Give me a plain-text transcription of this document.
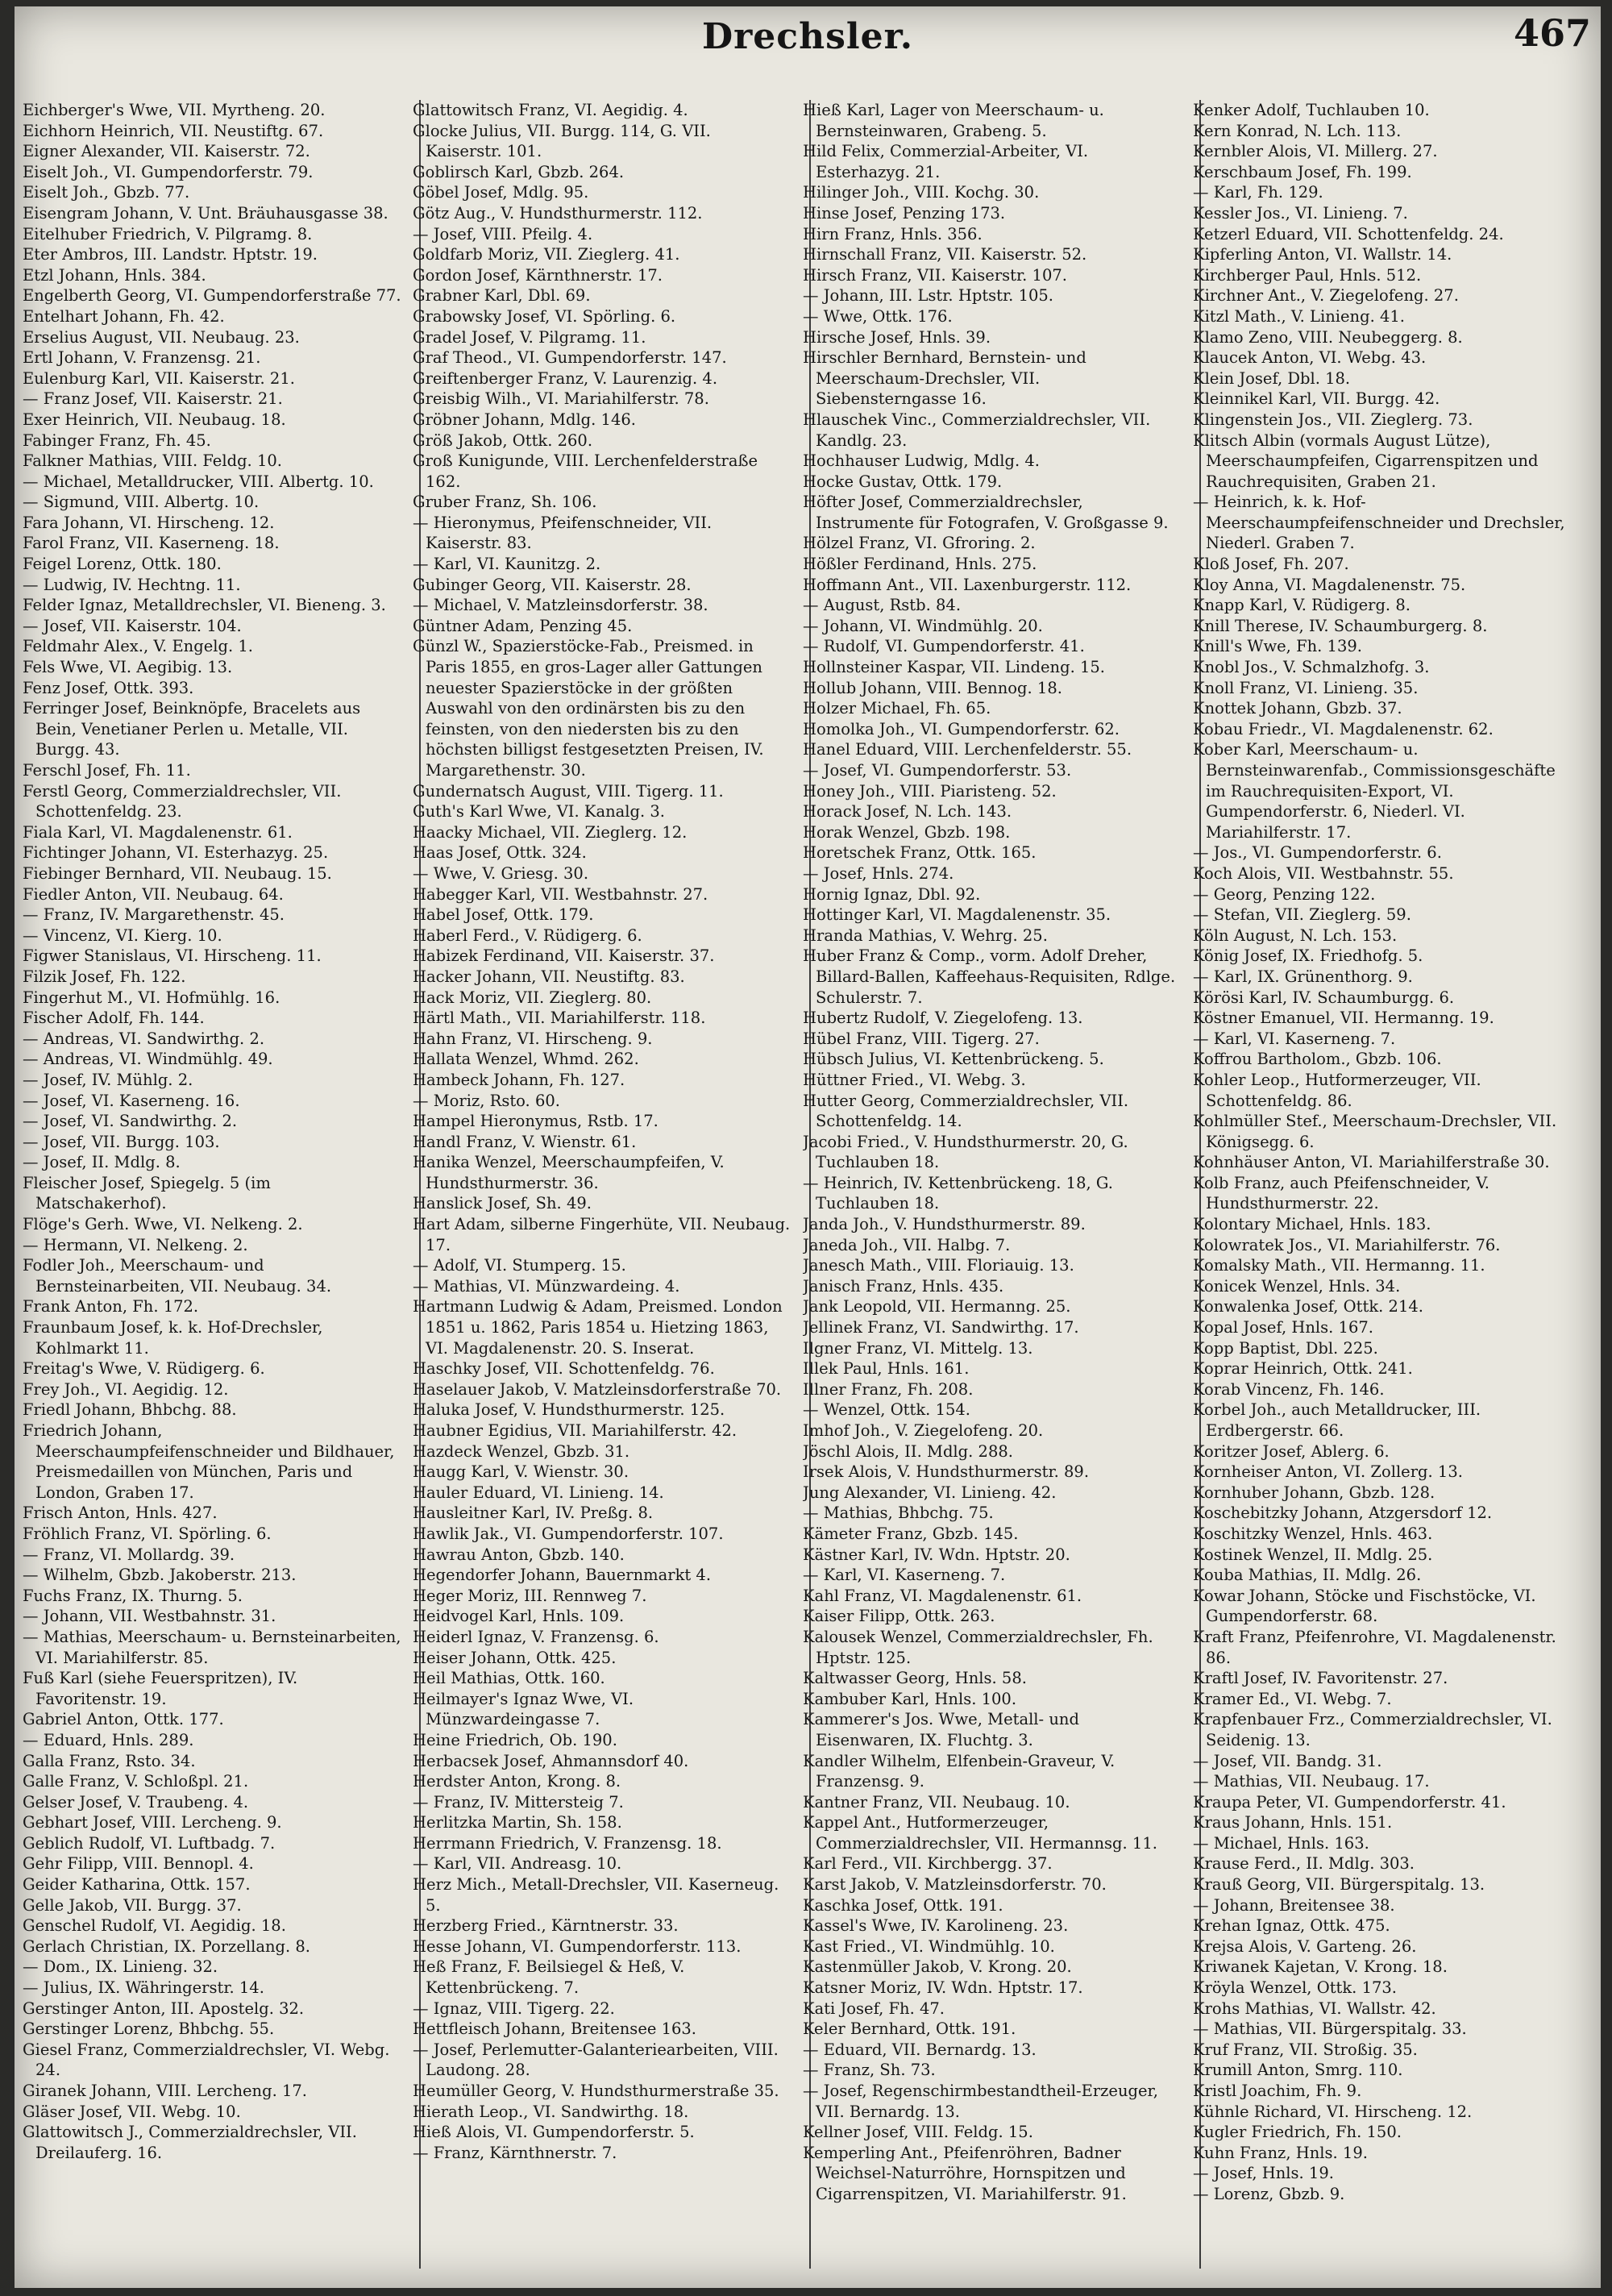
Drechsler.	467

Eichberger's Wwe, VII. Myrtheng. 20.

Eichhorn Heinrich, VII. Neustiftg. 67.

Eigner Alexander, VII. Kaiserstr. 72.

Eiselt Joh., VI. Gumpendorferstr. 79.

Eiselt Joh., Gbzb. 77.

Eisengram Johann, V. Unt. Bräuhausgasse 38.

Eitelhuber Friedrich, V. Pilgramg. 8.

Eter Ambros, III. Landstr. Hptstr. 19.

Etzl Johann, Hnls. 384.

Engelberth Georg, VI. Gumpendorferstraße 77.

Entelhart Johann, Fh. 42.

Erselius August, VII. Neubaug. 23.

Ertl Johann, V. Franzensg. 21.

Eulenburg Karl, VII. Kaiserstr. 21.

— Franz Josef, VII. Kaiserstr. 21.

Exer Heinrich, VII. Neubaug. 18.

Fabinger Franz, Fh. 45.

Falkner Mathias, VIII. Feldg. 10.

— Michael, Metalldrucker, VIII. Albertg. 10.

— Sigmund, VIII. Albertg. 10.

Fara Johann, VI. Hirscheng. 12.

Farol Franz, VII. Kaserneng. 18.

Feigel Lorenz, Ottk. 180.

— Ludwig, IV. Hechtng. 11.

Felder Ignaz, Metalldrechsler, VI. Bieneng. 3.

— Josef, VII. Kaiserstr. 104.

Feldmahr Alex., V. Engelg. 1.

Fels Wwe, VI. Aegibig. 13.

Fenz Josef, Ottk. 393.

Ferringer Josef, Beinknöpfe, Bracelets aus Bein, Venetianer Perlen u. Metalle, VII. Burgg. 43.

Ferschl Josef, Fh. 11.

Ferstl Georg, Commerzialdrechsler, VII. Schottenfeldg. 23.

Fiala Karl, VI. Magdalenenstr. 61.

Fichtinger Johann, VI. Esterhazyg. 25.

Fiebinger Bernhard, VII. Neubaug. 15.

Fiedler Anton, VII. Neubaug. 64.

— Franz, IV. Margarethenstr. 45.

— Vincenz, VI. Kierg. 10.

Figwer Stanislaus, VI. Hirscheng. 11.

Filzik Josef, Fh. 122.

Fingerhut M., VI. Hofmühlg. 16.

Fischer Adolf, Fh. 144.

— Andreas, VI. Sandwirthg. 2.

— Andreas, VI. Windmühlg. 49.

— Josef, IV. Mühlg. 2.

— Josef, VI. Kaserneng. 16.

— Josef, VI. Sandwirthg. 2.

— Josef, VII. Burgg. 103.

— Josef, II. Mdlg. 8.

Fleischer Josef, Spiegelg. 5 (im Matschakerhof).

Flöge's Gerh. Wwe, VI. Nelkeng. 2.

— Hermann, VI. Nelkeng. 2.

Fodler Joh., Meerschaum- und Bernsteinarbeiten, VII. Neubaug. 34.

Frank Anton, Fh. 172.

Fraunbaum Josef, k. k. Hof-Drechsler, Kohlmarkt 11.

Freitag's Wwe, V. Rüdigerg. 6.

Frey Joh., VI. Aegidig. 12.

Friedl Johann, Bhbchg. 88.

Friedrich Johann, Meerschaumpfeifenschneider und Bildhauer, Preismedaillen von München, Paris und London, Graben 17.

Frisch Anton, Hnls. 427.

Fröhlich Franz, VI. Spörling. 6.

— Franz, VI. Mollardg. 39.

— Wilhelm, Gbzb. Jakoberstr. 213.

Fuchs Franz, IX. Thurng. 5.

— Johann, VII. Westbahnstr. 31.

— Mathias, Meerschaum- u. Bernsteinarbeiten, VI. Mariahilferstr. 85.

Fuß Karl (siehe Feuerspritzen), IV. Favoritenstr. 19.

Gabriel Anton, Ottk. 177.

— Eduard, Hnls. 289.

Galla Franz, Rsto. 34.

Galle Franz, V. Schloßpl. 21.

Gelser Josef, V. Traubeng. 4.

Gebhart Josef, VIII. Lercheng. 9.

Geblich Rudolf, VI. Luftbadg. 7.

Gehr Filipp, VIII. Bennopl. 4.

Geider Katharina, Ottk. 157.

Gelle Jakob, VII. Burgg. 37.

Genschel Rudolf, VI. Aegidig. 18.

Gerlach Christian, IX. Porzellang. 8.

— Dom., IX. Linieng. 32.

— Julius, IX. Währingerstr. 14.

Gerstinger Anton, III. Apostelg. 32.

Gerstinger Lorenz, Bhbchg. 55.

Giesel Franz, Commerzialdrechsler, VI. Webg. 24.

Giranek Johann, VIII. Lercheng. 17.

Gläser Josef, VII. Webg. 10.

Glattowitsch J., Commerzialdrechsler, VII. Dreilauferg. 16.

Glattowitsch Franz, VI. Aegidig. 4.

Glocke Julius, VII. Burgg. 114, G. VII. Kaiserstr. 101.

Goblirsch Karl, Gbzb. 264.

Göbel Josef, Mdlg. 95.

Götz Aug., V. Hundsthurmerstr. 112.

— Josef, VIII. Pfeilg. 4.

Goldfarb Moriz, VII. Zieglerg. 41.

Gordon Josef, Kärnthnerstr. 17.

Grabner Karl, Dbl. 69.

Grabowsky Josef, VI. Spörling. 6.

Gradel Josef, V. Pilgramg. 11.

Graf Theod., VI. Gumpendorferstr. 147.

Greiftenberger Franz, V. Laurenzig. 4.

Greisbig Wilh., VI. Mariahilferstr. 78.

Gröbner Johann, Mdlg. 146.

Größ Jakob, Ottk. 260.

Groß Kunigunde, VIII. Lerchenfelderstraße 162.

Gruber Franz, Sh. 106.

— Hieronymus, Pfeifenschneider, VII. Kaiserstr. 83.

— Karl, VI. Kaunitzg. 2.

Gubinger Georg, VII. Kaiserstr. 28.

— Michael, V. Matzleinsdorferstr. 38.

Güntner Adam, Penzing 45.

Günzl W., Spazierstöcke-Fab., Preismed. in Paris 1855, en gros-Lager aller Gattungen neuester Spazierstöcke in der größten Auswahl von den ordinärsten bis zu den feinsten, von den niedersten bis zu den höchsten billigst festgesetzten Preisen, IV. Margarethenstr. 30.

Gundernatsch August, VIII. Tigerg. 11.

Guth's Karl Wwe, VI. Kanalg. 3.

Haacky Michael, VII. Zieglerg. 12.

Haas Josef, Ottk. 324.

— Wwe, V. Griesg. 30.

Habegger Karl, VII. Westbahnstr. 27.

Habel Josef, Ottk. 179.

Haberl Ferd., V. Rüdigerg. 6.

Habizek Ferdinand, VII. Kaiserstr. 37.

Hacker Johann, VII. Neustiftg. 83.

Hack Moriz, VII. Zieglerg. 80.

Härtl Math., VII. Mariahilferstr. 118.

Hahn Franz, VI. Hirscheng. 9.

Hallata Wenzel, Whmd. 262.

Hambeck Johann, Fh. 127.

— Moriz, Rsto. 60.

Hampel Hieronymus, Rstb. 17.

Handl Franz, V. Wienstr. 61.

Hanika Wenzel, Meerschaumpfeifen, V. Hundsthurmerstr. 36.

Hanslick Josef, Sh. 49.

Hart Adam, silberne Fingerhüte, VII. Neubaug. 17.

— Adolf, VI. Stumperg. 15.

— Mathias, VI. Münzwardeing. 4.

Hartmann Ludwig & Adam, Preismed. London 1851 u. 1862, Paris 1854 u. Hietzing 1863, VI. Magdalenenstr. 20. S. Inserat.

Haschky Josef, VII. Schottenfeldg. 76.

Haselauer Jakob, V. Matzleinsdorferstraße 70.

Haluka Josef, V. Hundsthurmerstr. 125.

Haubner Egidius, VII. Mariahilferstr. 42.

Hazdeck Wenzel, Gbzb. 31.

Haugg Karl, V. Wienstr. 30.

Hauler Eduard, VI. Linieng. 14.

Hausleitner Karl, IV. Preßg. 8.

Hawlik Jak., VI. Gumpendorferstr. 107.

Hawrau Anton, Gbzb. 140.

Hegendorfer Johann, Bauernmarkt 4.

Heger Moriz, III. Rennweg 7.

Heidvogel Karl, Hnls. 109.

Heiderl Ignaz, V. Franzensg. 6.

Heiser Johann, Ottk. 425.

Heil Mathias, Ottk. 160.

Heilmayer's Ignaz Wwe, VI. Münzwardeingasse 7.

Heine Friedrich, Ob. 190.

Herbacsek Josef, Ahmannsdorf 40.

Herdster Anton, Krong. 8.

— Franz, IV. Mittersteig 7.

Herlitzka Martin, Sh. 158.

Herrmann Friedrich, V. Franzensg. 18.

— Karl, VII. Andreasg. 10.

Herz Mich., Metall-Drechsler, VII. Kaserneug. 5.

Herzberg Fried., Kärntnerstr. 33.

Hesse Johann, VI. Gumpendorferstr. 113.

Heß Franz, F. Beilsiegel & Heß, V. Kettenbrückeng. 7.

— Ignaz, VIII. Tigerg. 22.

Hettfleisch Johann, Breitensee 163.

— Josef, Perlemutter-Galanteriearbeiten, VIII. Laudong. 28.

Heumüller Georg, V. Hundsthurmerstraße 35.

Hierath Leop., VI. Sandwirthg. 18.

Hieß Alois, VI. Gumpendorferstr. 5.

— Franz, Kärnthnerstr. 7.

Hieß Karl, Lager von Meerschaum- u. Bernsteinwaren, Grabeng. 5.

Hild Felix, Commerzial-Arbeiter, VI. Esterhazyg. 21.

Hilinger Joh., VIII. Kochg. 30.

Hinse Josef, Penzing 173.

Hirn Franz, Hnls. 356.

Hirnschall Franz, VII. Kaiserstr. 52.

Hirsch Franz, VII. Kaiserstr. 107.

— Johann, III. Lstr. Hptstr. 105.

— Wwe, Ottk. 176.

Hirsche Josef, Hnls. 39.

Hirschler Bernhard, Bernstein- und Meerschaum-Drechsler, VII. Siebensterngasse 16.

Hlauschek Vinc., Commerzialdrechsler, VII. Kandlg. 23.

Hochhauser Ludwig, Mdlg. 4.

Hocke Gustav, Ottk. 179.

Höfter Josef, Commerzialdrechsler, Instrumente für Fotografen, V. Großgasse 9.

Hölzel Franz, VI. Gfroring. 2.

Hößler Ferdinand, Hnls. 275.

Hoffmann Ant., VII. Laxenburgerstr. 112.

— August, Rstb. 84.

— Johann, VI. Windmühlg. 20.

— Rudolf, VI. Gumpendorferstr. 41.

Hollnsteiner Kaspar, VII. Lindeng. 15.

Hollub Johann, VIII. Bennog. 18.

Holzer Michael, Fh. 65.

Homolka Joh., VI. Gumpendorferstr. 62.

Hanel Eduard, VIII. Lerchenfelderstr. 55.

— Josef, VI. Gumpendorferstr. 53.

Honey Joh., VIII. Piaristeng. 52.

Horack Josef, N. Lch. 143.

Horak Wenzel, Gbzb. 198.

Horetschek Franz, Ottk. 165.

— Josef, Hnls. 274.

Hornig Ignaz, Dbl. 92.

Hottinger Karl, VI. Magdalenenstr. 35.

Hranda Mathias, V. Wehrg. 25.

Huber Franz & Comp., vorm. Adolf Dreher, Billard-Ballen, Kaffeehaus-Requisiten, Rdlge. Schulerstr. 7.

Hubertz Rudolf, V. Ziegelofeng. 13.

Hübel Franz, VIII. Tigerg. 27.

Hübsch Julius, VI. Kettenbrückeng. 5.

Hüttner Fried., VI. Webg. 3.

Hutter Georg, Commerzialdrechsler, VII. Schottenfeldg. 14.

Jacobi Fried., V. Hundsthurmerstr. 20, G. Tuchlauben 18.

— Heinrich, IV. Kettenbrückeng. 18, G. Tuchlauben 18.

Janda Joh., V. Hundsthurmerstr. 89.

Janeda Joh., VII. Halbg. 7.

Janesch Math., VIII. Floriauig. 13.

Janisch Franz, Hnls. 435.

Jank Leopold, VII. Hermanng. 25.

Jellinek Franz, VI. Sandwirthg. 17.

Ilgner Franz, VI. Mittelg. 13.

Illek Paul, Hnls. 161.

Illner Franz, Fh. 208.

— Wenzel, Ottk. 154.

Imhof Joh., V. Ziegelofeng. 20.

Jöschl Alois, II. Mdlg. 288.

Irsek Alois, V. Hundsthurmerstr. 89.

Jung Alexander, VI. Linieng. 42.

— Mathias, Bhbchg. 75.

Kämeter Franz, Gbzb. 145.

Kästner Karl, IV. Wdn. Hptstr. 20.

— Karl, VI. Kaserneng. 7.

Kahl Franz, VI. Magdalenenstr. 61.

Kaiser Filipp, Ottk. 263.

Kalousek Wenzel, Commerzialdrechsler, Fh. Hptstr. 125.

Kaltwasser Georg, Hnls. 58.

Kambuber Karl, Hnls. 100.

Kammerer's Jos. Wwe, Metall- und Eisenwaren, IX. Fluchtg. 3.

Kandler Wilhelm, Elfenbein-Graveur, V. Franzensg. 9.

Kantner Franz, VII. Neubaug. 10.

Kappel Ant., Hutformerzeuger, Commerzialdrechsler, VII. Hermannsg. 11.

Karl Ferd., VII. Kirchbergg. 37.

Karst Jakob, V. Matzleinsdorferstr. 70.

Kaschka Josef, Ottk. 191.

Kassel's Wwe, IV. Karolineng. 23.

Kast Fried., VI. Windmühlg. 10.

Kastenmüller Jakob, V. Krong. 20.

Katsner Moriz, IV. Wdn. Hptstr. 17.

Kati Josef, Fh. 47.

Keler Bernhard, Ottk. 191.

— Eduard, VII. Bernardg. 13.

— Franz, Sh. 73.

— Josef, Regenschirmbestandtheil-Erzeuger, VII. Bernardg. 13.

Kellner Josef, VIII. Feldg. 15.

Kemperling Ant., Pfeifenröhren, Badner Weichsel-Naturröhre, Hornspitzen und Cigarrenspitzen, VI. Mariahilferstr. 91.

Kenker Adolf, Tuchlauben 10.

Kern Konrad, N. Lch. 113.

Kernbler Alois, VI. Millerg. 27.

Kerschbaum Josef, Fh. 199.

— Karl, Fh. 129.

Kessler Jos., VI. Linieng. 7.

Ketzerl Eduard, VII. Schottenfeldg. 24.

Kipferling Anton, VI. Wallstr. 14.

Kirchberger Paul, Hnls. 512.

Kirchner Ant., V. Ziegelofeng. 27.

Kitzl Math., V. Linieng. 41.

Klamo Zeno, VIII. Neubeggerg. 8.

Klaucek Anton, VI. Webg. 43.

Klein Josef, Dbl. 18.

Kleinnikel Karl, VII. Burgg. 42.

Klingenstein Jos., VII. Zieglerg. 73.

Klitsch Albin (vormals August Lütze), Meerschaumpfeifen, Cigarrenspitzen und Rauchrequisiten, Graben 21.

— Heinrich, k. k. Hof-Meerschaumpfeifenschneider und Drechsler, Niederl. Graben 7.

Kloß Josef, Fh. 207.

Kloy Anna, VI. Magdalenenstr. 75.

Knapp Karl, V. Rüdigerg. 8.

Knill Therese, IV. Schaumburgerg. 8.

Knill's Wwe, Fh. 139.

Knobl Jos., V. Schmalzhofg. 3.

Knoll Franz, VI. Linieng. 35.

Knottek Johann, Gbzb. 37.

Kobau Friedr., VI. Magdalenenstr. 62.

Kober Karl, Meerschaum- u. Bernsteinwarenfab., Commissionsgeschäfte im Rauchrequisiten-Export, VI. Gumpendorferstr. 6, Niederl. VI. Mariahilferstr. 17.

— Jos., VI. Gumpendorferstr. 6.

Koch Alois, VII. Westbahnstr. 55.

— Georg, Penzing 122.

— Stefan, VII. Zieglerg. 59.

Köln August, N. Lch. 153.

König Josef, IX. Friedhofg. 5.

— Karl, IX. Grünenthorg. 9.

Körösi Karl, IV. Schaumburgg. 6.

Köstner Emanuel, VII. Hermanng. 19.

— Karl, VI. Kaserneng. 7.

Koffrou Bartholom., Gbzb. 106.

Kohler Leop., Hutformerzeuger, VII. Schottenfeldg. 86.

Kohlmüller Stef., Meerschaum-Drechsler, VII. Königsegg. 6.

Kohnhäuser Anton, VI. Mariahilferstraße 30.

Kolb Franz, auch Pfeifenschneider, V. Hundsthurmerstr. 22.

Kolontary Michael, Hnls. 183.

Kolowratek Jos., VI. Mariahilferstr. 76.

Komalsky Math., VII. Hermanng. 11.

Konicek Wenzel, Hnls. 34.

Konwalenka Josef, Ottk. 214.

Kopal Josef, Hnls. 167.

Kopp Baptist, Dbl. 225.

Koprar Heinrich, Ottk. 241.

Korab Vincenz, Fh. 146.

Korbel Joh., auch Metalldrucker, III. Erdbergerstr. 66.

Koritzer Josef, Ablerg. 6.

Kornheiser Anton, VI. Zollerg. 13.

Kornhuber Johann, Gbzb. 128.

Koschebitzky Johann, Atzgersdorf 12.

Koschitzky Wenzel, Hnls. 463.

Kostinek Wenzel, II. Mdlg. 25.

Kouba Mathias, II. Mdlg. 26.

Kowar Johann, Stöcke und Fischstöcke, VI. Gumpendorferstr. 68.

Kraft Franz, Pfeifenrohre, VI. Magdalenenstr. 86.

Kraftl Josef, IV. Favoritenstr. 27.

Kramer Ed., VI. Webg. 7.

Krapfenbauer Frz., Commerzialdrechsler, VI. Seidenig. 13.

— Josef, VII. Bandg. 31.

— Mathias, VII. Neubaug. 17.

Kraupa Peter, VI. Gumpendorferstr. 41.

Kraus Johann, Hnls. 151.

— Michael, Hnls. 163.

Krause Ferd., II. Mdlg. 303.

Krauß Georg, VII. Bürgerspitalg. 13.

— Johann, Breitensee 38.

Krehan Ignaz, Ottk. 475.

Krejsa Alois, V. Garteng. 26.

Kriwanek Kajetan, V. Krong. 18.

Kröyla Wenzel, Ottk. 173.

Krohs Mathias, VI. Wallstr. 42.

— Mathias, VII. Bürgerspitalg. 33.

Kruf Franz, VII. Stroßig. 35.

Krumill Anton, Smrg. 110.

Kristl Joachim, Fh. 9.

Kühnle Richard, VI. Hirscheng. 12.

Kugler Friedrich, Fh. 150.

Kuhn Franz, Hnls. 19.

— Josef, Hnls. 19.

— Lorenz, Gbzb. 9.
